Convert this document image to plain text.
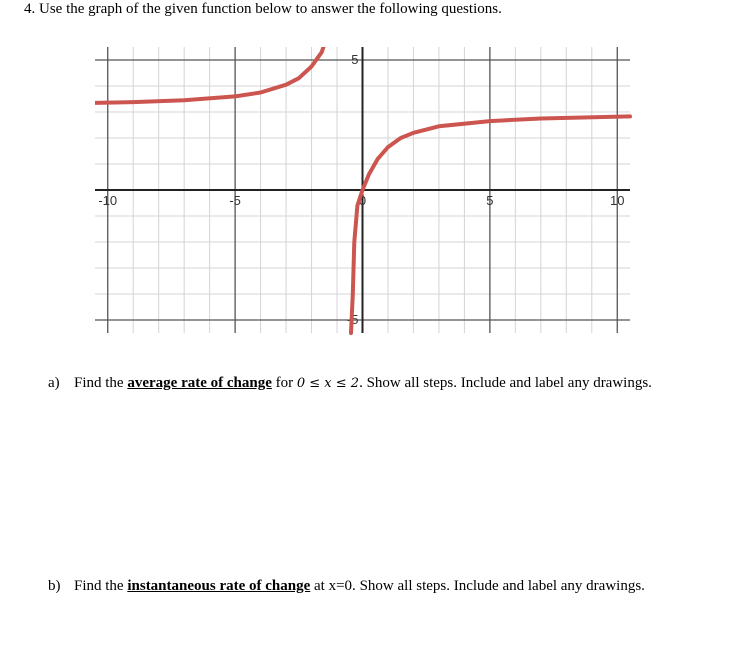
4. Use the graph of the given function below to answer the following questions.

-10	-5	0	5	10
5
-5

a) Find the average rate of change for 0 ≤ x ≤ 2. Show all steps. Include and label any drawings.

b) Find the instantaneous rate of change at x=0. Show all steps. Include and label any drawings.
